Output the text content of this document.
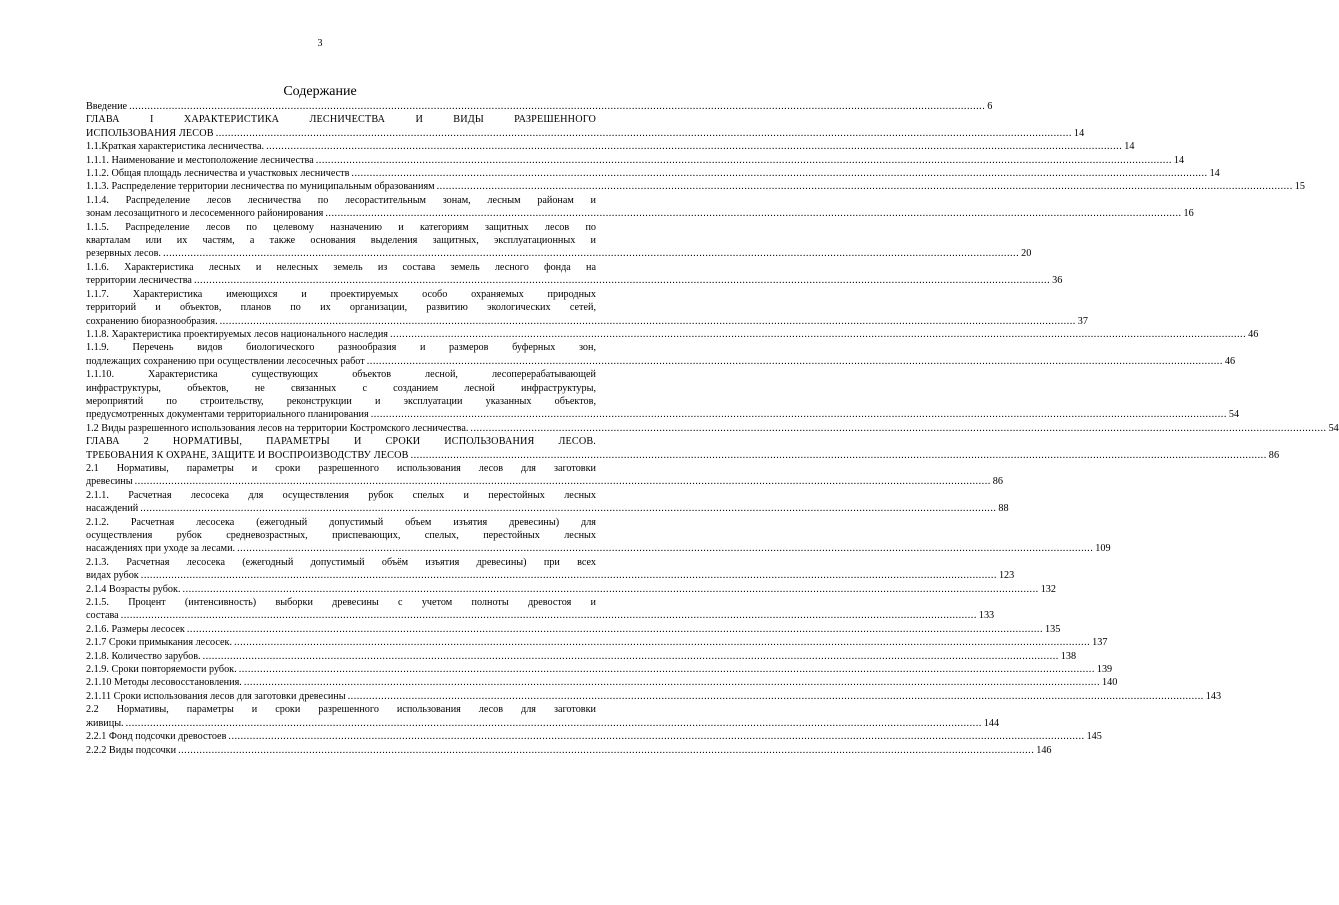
3
Содержание
Введение .....	6
ГЛАВА I ХАРАКТЕРИСТИКА ЛЕСНИЧЕСТВА И ВИДЫ РАЗРЕШЕННОГО
ИСПОЛЬЗОВАНИЯ ЛЕСОВ .....	14
1.1.Краткая характеристика лесничества. .....	14
1.1.1. Наименование и местоположение лесничества .....	14
1.1.2. Общая площадь лесничества и участковых лесничеств .....	14
1.1.3. Распределение территории лесничества по муниципальным образованиям .....	15
1.1.4. Распределение лесов лесничества по лесорастительным зонам, лесным районам и
зонам лесозащитного и лесосеменного районирования .....	16
1.1.5. Распределение лесов по целевому назначению и категориям защитных лесов по
кварталам или их частям, а также основания выделения защитных, эксплуатационных и
резервных лесов. .....	20
1.1.6. Характеристика лесных и нелесных земель из состава земель лесного фонда на
территории лесничества .....	36
1.1.7. Характеристика имеющихся и проектируемых особо охраняемых природных
территорий и объектов, планов по их организации, развитию экологических сетей,
сохранению биоразнообразия. .....	37
1.1.8. Характеристика проектируемых лесов национального наследия .....	46
1.1.9. Перечень видов биологического разнообразия и размеров буферных зон,
подлежащих сохранению при осуществлении лесосечных работ .....	46
1.1.10. Характеристика существующих объектов лесной, лесоперерабатывающей
инфраструктуры, объектов, не связанных с созданием лесной инфраструктуры,
мероприятий по строительству, реконструкции и эксплуатации указанных объектов,
предусмотренных документами территориального планирования .....	54
1.2 Виды разрешенного использования лесов на территории Костромского лесничества. .....	54
ГЛАВА 2 НОРМАТИВЫ, ПАРАМЕТРЫ И СРОКИ ИСПОЛЬЗОВАНИЯ ЛЕСОВ.
ТРЕБОВАНИЯ К ОХРАНЕ, ЗАЩИТЕ И ВОСПРОИЗВОДСТВУ ЛЕСОВ .....	86
2.1 Нормативы, параметры и сроки разрешенного использования лесов для заготовки
древесины .....	86
2.1.1. Расчетная лесосека для осуществления рубок спелых и перестойных лесных
насаждений .....	88
2.1.2. Расчетная лесосека (ежегодный допустимый объем изъятия древесины) для
осуществления рубок средневозрастных, приспевающих, спелых, перестойных лесных
насаждениях при уходе за лесами. .....	109
2.1.3. Расчетная лесосека (ежегодный допустимый объём изъятия древесины) при всех
видах рубок .....	123
2.1.4 Возрасты рубок. .....	132
2.1.5. Процент (интенсивность) выборки древесины с учетом полноты древостоя и
состава .....	133
2.1.6. Размеры лесосек .....	135
2.1.7 Сроки примыкания лесосек. .....	137
2.1.8. Количество зарубов. .....	138
2.1.9. Сроки повторяемости рубок. .....	139
2.1.10 Методы лесовосстановления. .....	140
2.1.11 Сроки использования лесов для заготовки древесины .....	143
2.2 Нормативы, параметры и сроки разрешенного использования лесов для заготовки
живицы. .....	144
2.2.1 Фонд подсочки древостоев .....	145
2.2.2 Виды подсочки .....	146
